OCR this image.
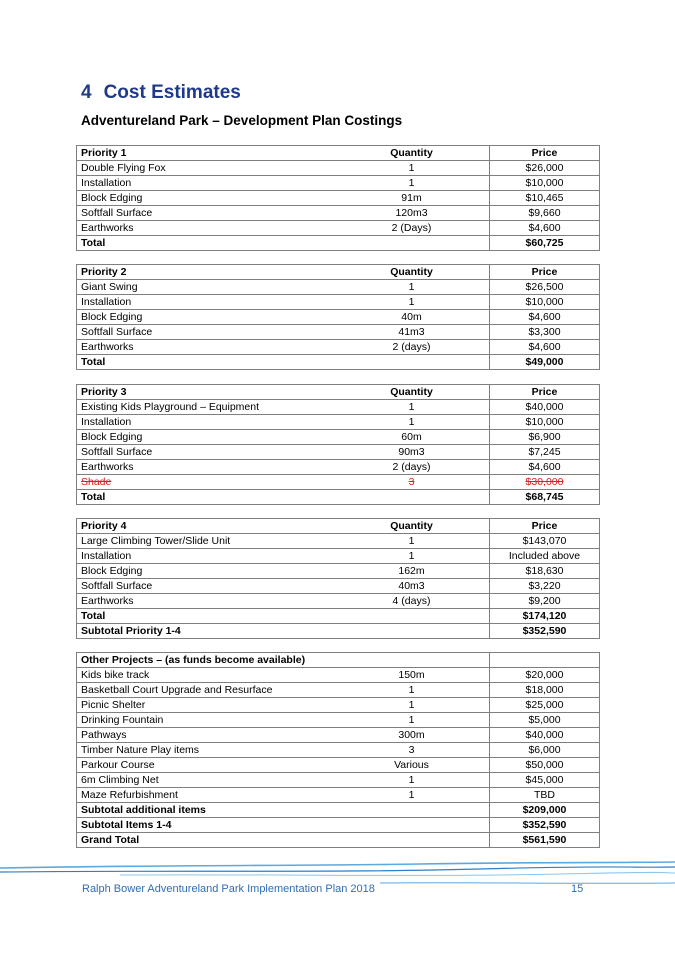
4 Cost Estimates
Adventureland Park – Development Plan Costings
Priority 1	Quantity	Price
Double Flying Fox	1	$26,000
Installation	1	$10,000
Block Edging	91m	$10,465
Softfall Surface	120m3	$9,660
Earthworks	2 (Days)	$4,600
Total		$60,725
Priority 2	Quantity	Price
Giant Swing	1	$26,500
Installation	1	$10,000
Block Edging	40m	$4,600
Softfall Surface	41m3	$3,300
Earthworks	2 (days)	$4,600
Total		$49,000
Priority 3	Quantity	Price
Existing Kids Playground – Equipment	1	$40,000
Installation	1	$10,000
Block Edging	60m	$6,900
Softfall Surface	90m3	$7,245
Earthworks	2 (days)	$4,600
Shade	3	$30,000
Total		$68,745
Priority 4	Quantity	Price
Large Climbing Tower/Slide Unit	1	$143,070
Installation	1	Included above
Block Edging	162m	$18,630
Softfall Surface	40m3	$3,220
Earthworks	4 (days)	$9,200
Total		$174,120
Subtotal Priority 1-4		$352,590
Other Projects – (as funds become available)		
Kids bike track	150m	$20,000
Basketball Court Upgrade and Resurface	1	$18,000
Picnic Shelter	1	$25,000
Drinking Fountain	1	$5,000
Pathways	300m	$40,000
Timber Nature Play items	3	$6,000
Parkour Course	Various	$50,000
6m Climbing Net	1	$45,000
Maze Refurbishment	1	TBD
Subtotal additional items		$209,000
Subtotal Items 1-4		$352,590
Grand Total		$561,590
Ralph Bower Adventureland Park Implementation Plan 2018	15
